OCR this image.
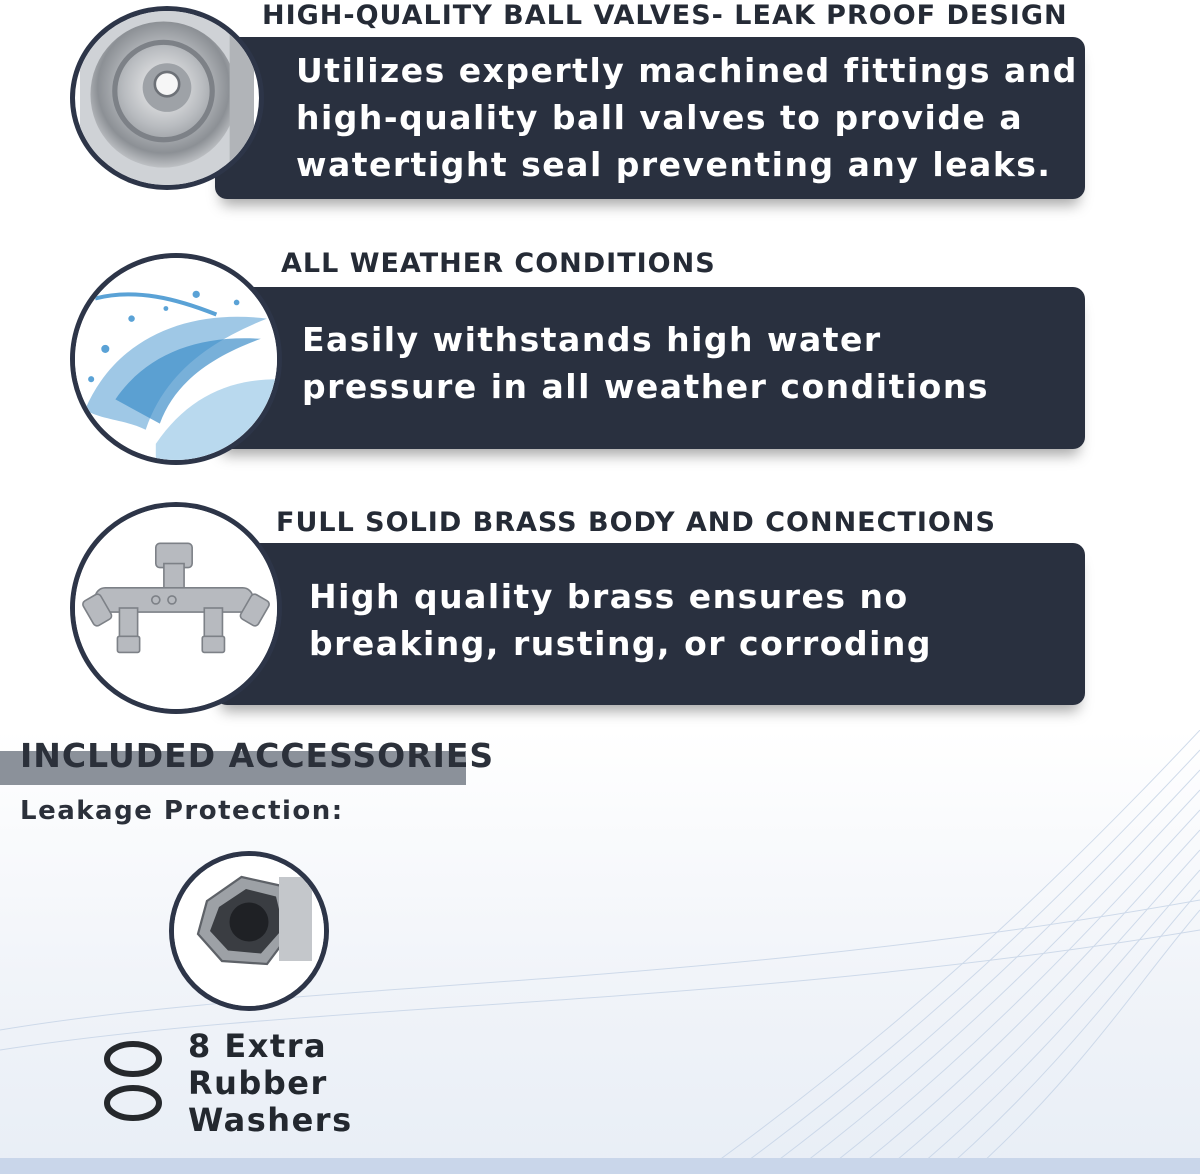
HIGH-QUALITY BALL VALVES- LEAK PROOF DESIGN
Utilizes expertly machined fittings and
high-quality ball valves to provide a
watertight seal preventing any leaks.
ALL WEATHER CONDITIONS
Easily withstands high water
pressure in all weather conditions
FULL SOLID BRASS BODY AND CONNECTIONS
High quality brass ensures no
breaking, rusting, or corroding
INCLUDED ACCESSORIES
Leakage Protection:
8 Extra
Rubber
Washers
